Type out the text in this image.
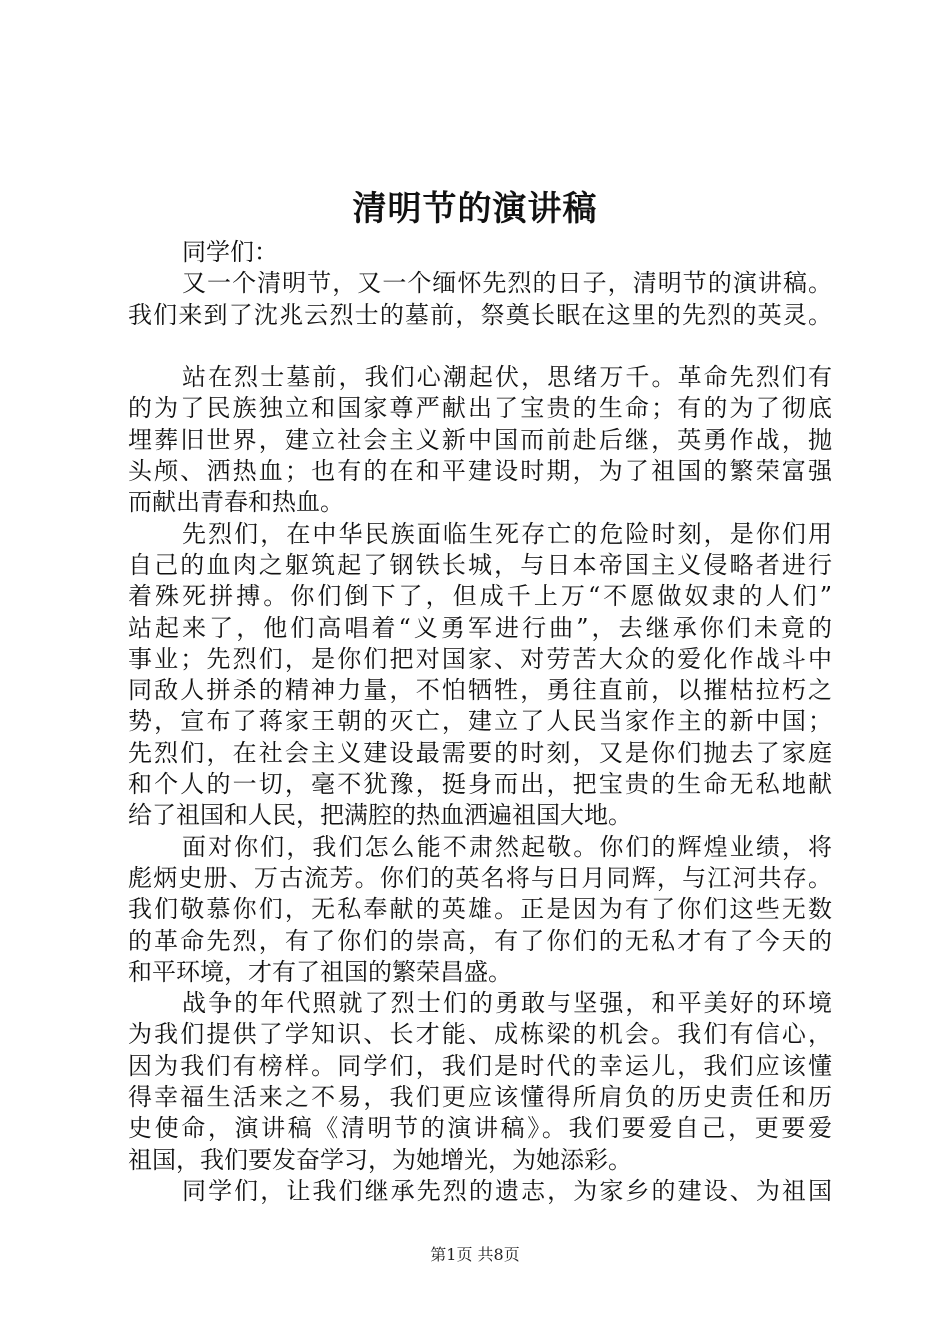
清明节的演讲稿
同学们：
又一个清明节，又一个缅怀先烈的日子，清明节的演讲稿。
我们来到了沈兆云烈士的墓前，祭奠长眠在这里的先烈的英灵。
站在烈士墓前，我们心潮起伏，思绪万千。革命先烈们有
的为了民族独立和国家尊严献出了宝贵的生命；有的为了彻底
埋葬旧世界，建立社会主义新中国而前赴后继，英勇作战，抛
头颅、洒热血；也有的在和平建设时期，为了祖国的繁荣富强
而献出青春和热血。
先烈们，在中华民族面临生死存亡的危险时刻，是你们用
自己的血肉之躯筑起了钢铁长城，与日本帝国主义侵略者进行
着殊死拼搏。你们倒下了，但成千上万“不愿做奴隶的人们”
站起来了，他们高唱着“义勇军进行曲”，去继承你们未竟的
事业；先烈们，是你们把对国家、对劳苦大众的爱化作战斗中
同敌人拼杀的精神力量，不怕牺牲，勇往直前，以摧枯拉朽之
势，宣布了蒋家王朝的灭亡，建立了人民当家作主的新中国；
先烈们，在社会主义建设最需要的时刻，又是你们抛去了家庭
和个人的一切，毫不犹豫，挺身而出，把宝贵的生命无私地献
给了祖国和人民，把满腔的热血洒遍祖国大地。
面对你们，我们怎么能不肃然起敬。你们的辉煌业绩，将
彪炳史册、万古流芳。你们的英名将与日月同辉，与江河共存。
我们敬慕你们，无私奉献的英雄。正是因为有了你们这些无数
的革命先烈，有了你们的崇高，有了你们的无私才有了今天的
和平环境，才有了祖国的繁荣昌盛。
战争的年代照就了烈士们的勇敢与坚强，和平美好的环境
为我们提供了学知识、长才能、成栋梁的机会。我们有信心，
因为我们有榜样。同学们，我们是时代的幸运儿，我们应该懂
得幸福生活来之不易，我们更应该懂得所肩负的历史责任和历
史使命，演讲稿《清明节的演讲稿》。我们要爱自己，更要爱
祖国，我们要发奋学习，为她增光，为她添彩。
同学们，让我们继承先烈的遗志，为家乡的建设、为祖国
第1页 共8页
